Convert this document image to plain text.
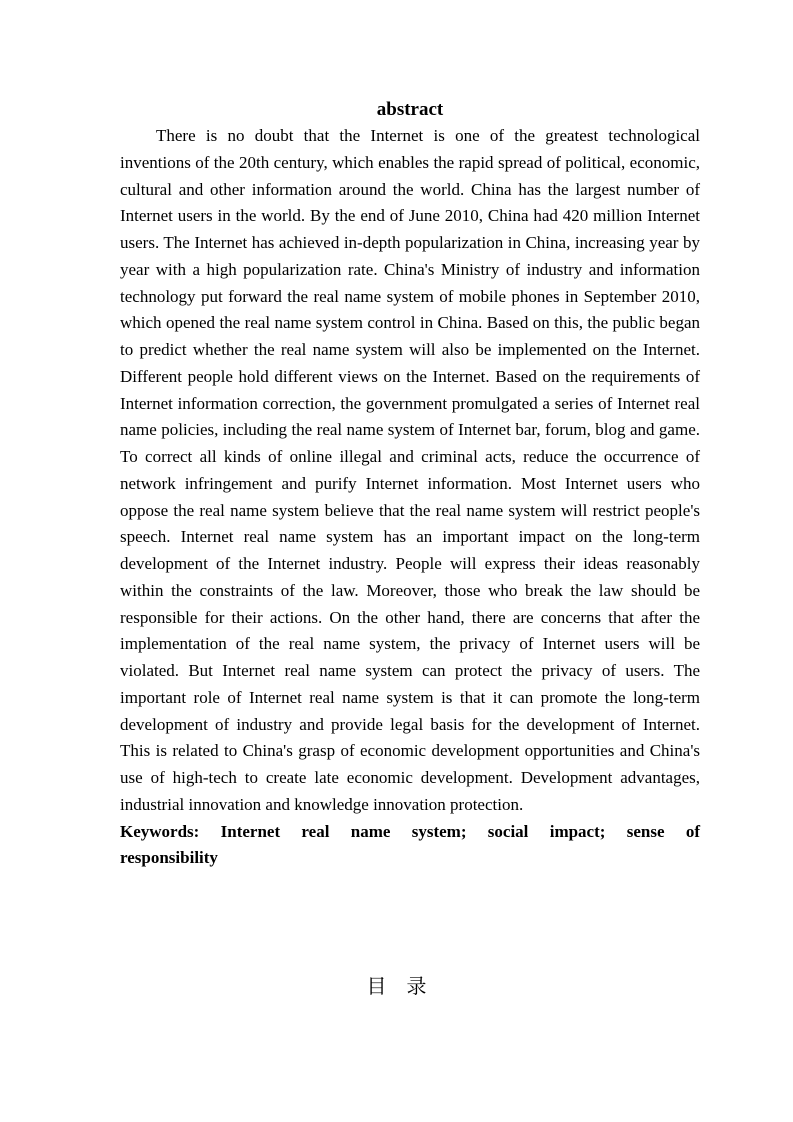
abstract

There is no doubt that the Internet is one of the greatest technological inventions of the 20th century, which enables the rapid spread of political, economic, cultural and other information around the world. China has the largest number of Internet users in the world. By the end of June 2010, China had 420 million Internet users. The Internet has achieved in-depth popularization in China, increasing year by year with a high popularization rate. China's Ministry of industry and information technology put forward the real name system of mobile phones in September 2010, which opened the real name system control in China. Based on this, the public began to predict whether the real name system will also be implemented on the Internet. Different people hold different views on the Internet. Based on the requirements of Internet information correction, the government promulgated a series of Internet real name policies, including the real name system of Internet bar, forum, blog and game. To correct all kinds of online illegal and criminal acts, reduce the occurrence of network infringement and purify Internet information. Most Internet users who oppose the real name system believe that the real name system will restrict people's speech. Internet real name system has an important impact on the long-term development of the Internet industry. People will express their ideas reasonably within the constraints of the law. Moreover, those who break the law should be responsible for their actions. On the other hand, there are concerns that after the implementation of the real name system, the privacy of Internet users will be violated. But Internet real name system can protect the privacy of users. The important role of Internet real name system is that it can promote the long-term development of industry and provide legal basis for the development of Internet. This is related to China's grasp of economic development opportunities and China's use of high-tech to create late economic development. Development advantages, industrial innovation and knowledge innovation protection.

Keywords: Internet real name system; social impact; sense of responsibility

目录
